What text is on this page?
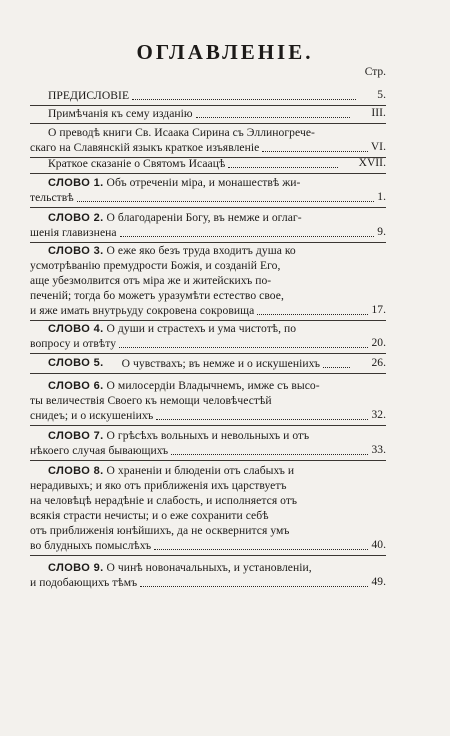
ОГЛАВЛЕНІЕ.
Стр.
ПРЕДИСЛОВІЕ	5.
Примѣчанія къ сему изданію	III.
О преводѣ книги Св. Исаака Сирина съ Эллиногрече-
скаго на Славянскій языкъ краткое изъявленіе	VI.
Краткое сказаніе о Святомъ Исаацѣ	XVII.
СЛОВО 1. Объ отреченіи міра, и монашествѣ жи-
тельствѣ	1.
СЛОВО 2. О благодареніи Богу, въ немже и оглаг-
шенія главизнена	9.
СЛОВО 3. О еже яко безъ труда входитъ душа ко
усмотрѣванію премудрости Божія, и созданій Его,
аще убезмолвится отъ міра же и житейскихъ по-
печеній; тогда бо можетъ уразумѣти естество свое,
и яже имать внутрьуду сокровена сокровища	17.
СЛОВО 4. О души и страстехъ и ума чистотѣ, по
вопросу и отвѣту	20.
СЛОВО 5.	О чувствахъ; въ немже и о искушеніихъ	26.
СЛОВО 6. О милосердіи Владычнемъ, имже съ высо-
ты величествія Своего къ немощи человѣчестѣй
снидеъ; и о искушеніихъ	32.
СЛОВО 7. О грѣсѣхъ вольныхъ и невольныхъ и отъ
нѣкоего случая бывающихъ	33.
СЛОВО 8. О храненіи и блюденіи отъ слабыхъ и
нерадивыхъ; и яко отъ приближенія ихъ царствуетъ
на человѣцѣ нерадѣніе и слабость, и исполняется отъ
всякія страсти нечисты; и о еже сохранити себѣ
отъ приближенія юнѣйшихъ, да не осквернится умъ
во блудныхъ помыслѣхъ	40.
СЛОВО 9. О чинѣ новоначальныхъ, и установленіи,
и подобающихъ тѣмъ	49.
